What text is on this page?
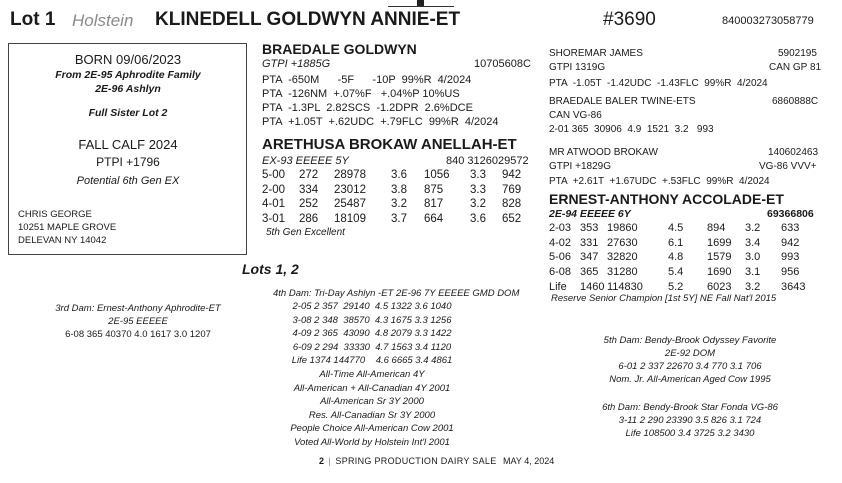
Lot 1 Holstein KLINEDELL GOLDWYN ANNIE-ET	#3690	840003273058779
BORN 09/06/2023
From 2E-95 Aphrodite Family
2E-96 Ashlyn
Full Sister Lot 2
FALL CALF 2024
PTPI +1796
Potential 6th Gen EX
CHRIS GEORGE
10251 MAPLE GROVE
DELEVAN NY 14042
BRAEDALE GOLDWYN
GTPI +1885G	10705608C
PTA  -650M      -5F      -10P  99%R  4/2024
PTA  -126NM  +.07%F   +.04%P 10%US
PTA  -1.3PL  2.82SCS  -1.2DPR  2.6%DCE
PTA  +1.05T  +.62UDC  +.79FLC  99%R  4/2024
ARETHUSA BROKAW ANELLAH-ET
EX-93 EEEEE 5Y	840 3126029572
5-00 272 28978 3.6 1056 3.3 942
2-00 334 23012 3.8 875 3.3 769
4-01 252 25487 3.2 817 3.2 828
3-01 286 18109 3.7 664 3.6 652
5th Gen Excellent
SHOREMAR JAMES	5902195
GTPI 1319G	CAN GP 81
PTA  -1.05T  -1.42UDC  -1.43FLC  99%R  4/2024
BRAEDALE BALER TWINE-ETS	6860888C
CAN VG-86
2-01 365  30906  4.9  1521  3.2   993
MR ATWOOD BROKAW	140602463
GTPI +1829G	VG-86 VVV+
PTA  +2.61T  +1.67UDC  +.53FLC  99%R  4/2024
ERNEST-ANTHONY ACCOLADE-ET
2E-94 EEEEE 6Y	69366806
2-03 353 19860	4.5 894 3.2 633
4-02 331 27630	6.1 1699 3.4 942
5-06 347 32820	4.8 1579 3.0 993
6-08 365 31280	5.4 1690 3.1 956
Life 1460 114830 5.2 6023 3.2 3643
Reserve Senior Champion [1st 5Y] NE Fall Nat'l 2015
Lots 1, 2
3rd Dam: Ernest-Anthony Aphrodite-ET
2E-95 EEEEE
6-08 365 40370 4.0 1617 3.0 1207
4th Dam: Tri-Day Ashlyn -ET 2E-96 7Y EEEEE GMD DOM
2-05 2 357  29140  4.5 1322 3.6 1040
3-08 2 348  38570  4.3 1675 3.3 1256
4-09 2 365  43090  4.8 2079 3.3 1422
6-09 2 294  33330  4.7 1563 3.4 1120
Life 1374 144770    4.6 6665 3.4 4861
All-Time All-American 4Y
All-American + All-Canadian 4Y 2001
All-American Sr 3Y 2000
Res. All-Canadian Sr 3Y 2000
People Choice All-American Cow 2001
Voted All-World by Holstein Int'l 2001
5th Dam: Bendy-Brook Odyssey Favorite
2E-92 DOM
6-01 2 337 22670 3.4 770 3.1 706
Nom. Jr. All-American Aged Cow 1995
6th Dam: Bendy-Brook Star Fonda VG-86
3-11 2 290 23390 3.5 826 3.1 724
Life 108500 3.4 3725 3.2 3430
2 | SPRING PRODUCTION DAIRY SALE MAY 4, 2024
